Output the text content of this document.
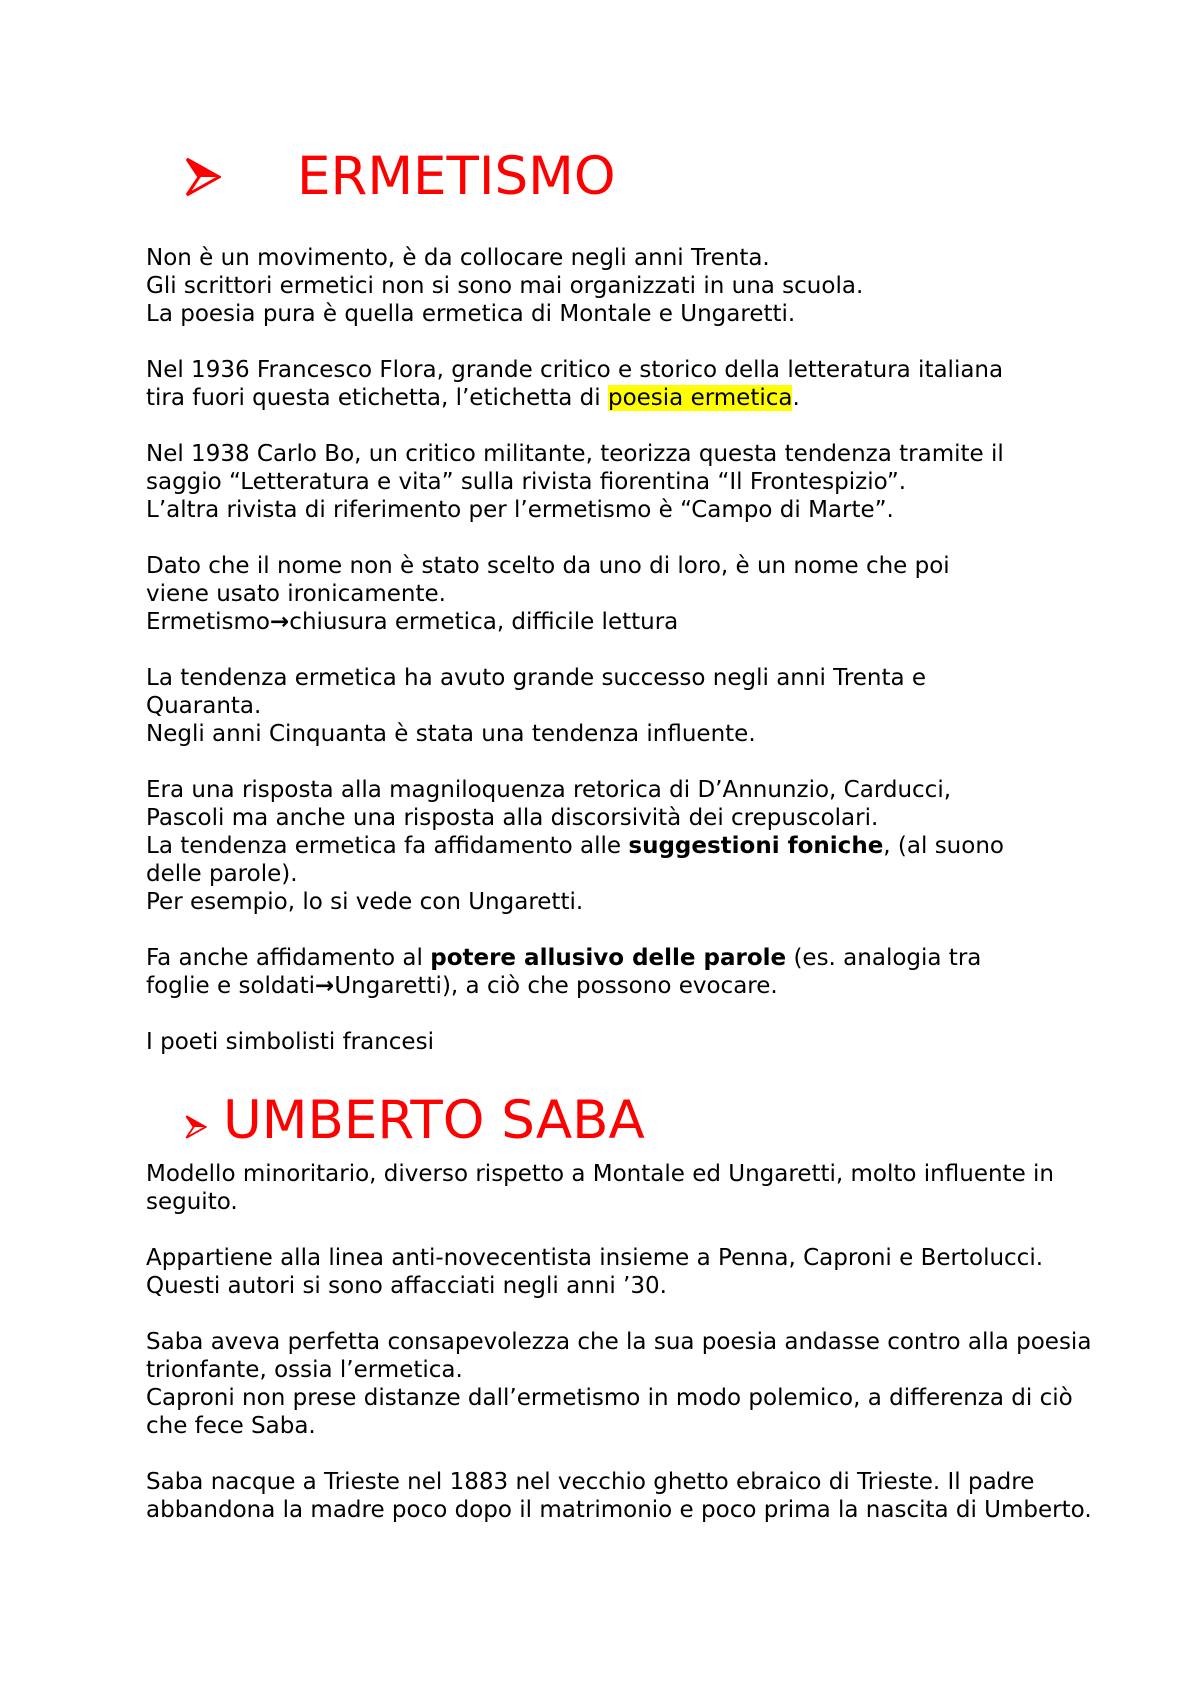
ERMETISMO

Non è un movimento, è da collocare negli anni Trenta.
Gli scrittori ermetici non si sono mai organizzati in una scuola.
La poesia pura è quella ermetica di Montale e Ungaretti.

Nel 1936 Francesco Flora, grande critico e storico della letteratura italiana
tira fuori questa etichetta, l’etichetta di poesia ermetica.

Nel 1938 Carlo Bo, un critico militante, teorizza questa tendenza tramite il
saggio “Letteratura e vita” sulla rivista fiorentina “Il Frontespizio”.
L’altra rivista di riferimento per l’ermetismo è “Campo di Marte”.

Dato che il nome non è stato scelto da uno di loro, è un nome che poi
viene usato ironicamente.
Ermetismo→chiusura ermetica, difficile lettura

La tendenza ermetica ha avuto grande successo negli anni Trenta e
Quaranta.
Negli anni Cinquanta è stata una tendenza influente.

Era una risposta alla magniloquenza retorica di D’Annunzio, Carducci,
Pascoli ma anche una risposta alla discorsività dei crepuscolari.
La tendenza ermetica fa affidamento alle suggestioni foniche, (al suono
delle parole).
Per esempio, lo si vede con Ungaretti.

Fa anche affidamento al potere allusivo delle parole (es. analogia tra
foglie e soldati→Ungaretti), a ciò che possono evocare.

I poeti simbolisti francesi

UMBERTO SABA

Modello minoritario, diverso rispetto a Montale ed Ungaretti, molto influente in
seguito.

Appartiene alla linea anti-novecentista insieme a Penna, Caproni e Bertolucci.
Questi autori si sono affacciati negli anni ’30.

Saba aveva perfetta consapevolezza che la sua poesia andasse contro alla poesia
trionfante, ossia l’ermetica.
Caproni non prese distanze dall’ermetismo in modo polemico, a differenza di ciò
che fece Saba.

Saba nacque a Trieste nel 1883 nel vecchio ghetto ebraico di Trieste. Il padre
abbandona la madre poco dopo il matrimonio e poco prima la nascita di Umberto.
